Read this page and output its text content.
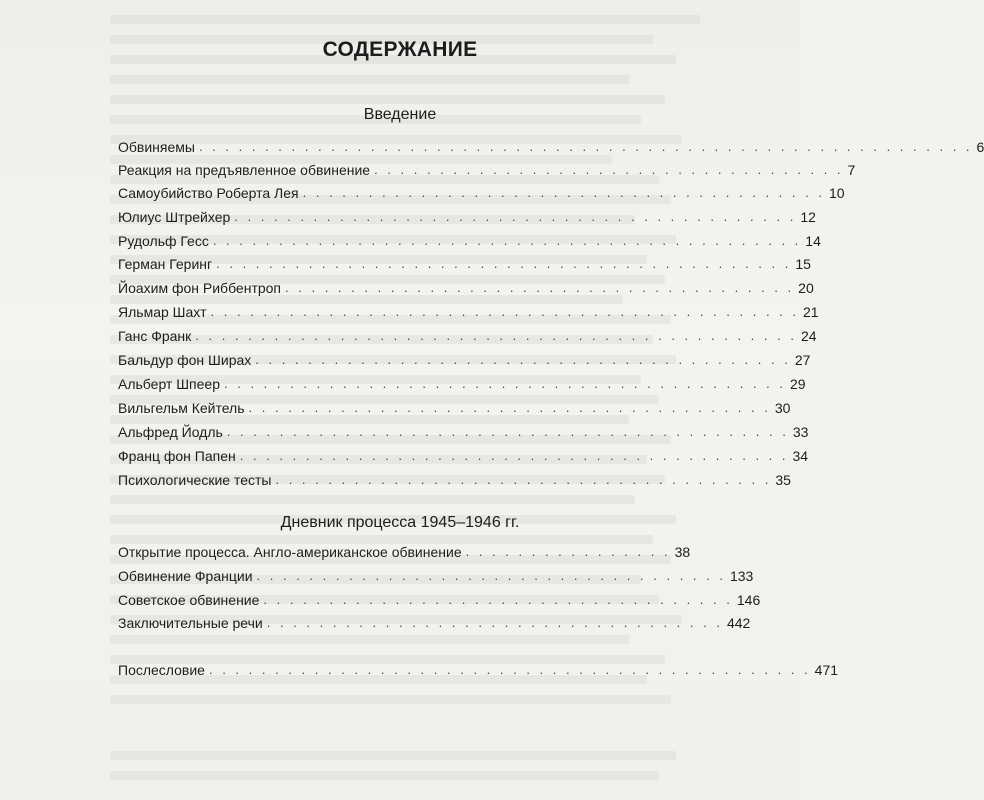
СОДЕРЖАНИЕ
Введение
Обвиняемы . . . . . . . . . . . . . . . . . . . . . . . . . . . . . . . . . . . . . . . . . . . . . . . . . . . . . . . . . . . 6
Реакция на предъявленное обвинение . . . . . . . . . . . . . . . . . . . . . . . . . . . . . . . . . . . . 7
Самоубийство Роберта Лея . . . . . . . . . . . . . . . . . . . . . . . . . . . . . . . . . . . . . . . . 10
Юлиус Штрейхер . . . . . . . . . . . . . . . . . . . . . . . . . . . . . . . . . . . . . . . . . . . 12
Рудольф Гесс . . . . . . . . . . . . . . . . . . . . . . . . . . . . . . . . . . . . . . . . . . . . . 14
Герман Геринг . . . . . . . . . . . . . . . . . . . . . . . . . . . . . . . . . . . . . . . . . . . . 15
Йоахим фон Риббентроп . . . . . . . . . . . . . . . . . . . . . . . . . . . . . . . . . . . . . . . 20
Яльмар Шахт . . . . . . . . . . . . . . . . . . . . . . . . . . . . . . . . . . . . . . . . . . . . . 21
Ганс Франк . . . . . . . . . . . . . . . . . . . . . . . . . . . . . . . . . . . . . . . . . . . . . . 24
Бальдур фон Ширах . . . . . . . . . . . . . . . . . . . . . . . . . . . . . . . . . . . . . . . . . 27
Альберт Шпеер . . . . . . . . . . . . . . . . . . . . . . . . . . . . . . . . . . . . . . . . . . . 29
Вильгельм Кейтель . . . . . . . . . . . . . . . . . . . . . . . . . . . . . . . . . . . . . . . . 30
Альфред Йодль . . . . . . . . . . . . . . . . . . . . . . . . . . . . . . . . . . . . . . . . . . . 33
Франц фон Папен . . . . . . . . . . . . . . . . . . . . . . . . . . . . . . . . . . . . . . . . . . 34
Психологические тесты . . . . . . . . . . . . . . . . . . . . . . . . . . . . . . . . . . . . . . 35
Дневник процесса 1945–1946 гг.
Открытие процесса. Англо-американское обвинение . . . . . . . . . . . . . . . . 38
Обвинение Франции . . . . . . . . . . . . . . . . . . . . . . . . . . . . . . . . . . . . 133
Советское обвинение . . . . . . . . . . . . . . . . . . . . . . . . . . . . . . . . . . . . 146
Заключительные речи . . . . . . . . . . . . . . . . . . . . . . . . . . . . . . . . . . . 442
Послесловие . . . . . . . . . . . . . . . . . . . . . . . . . . . . . . . . . . . . . . . . . . . . . . 471
